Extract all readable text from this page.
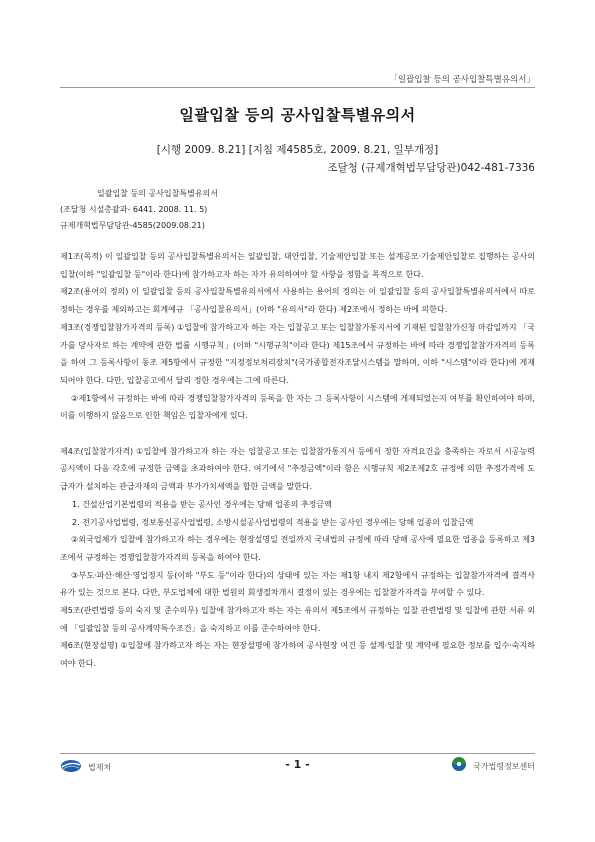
「일괄입찰 등의 공사입찰특별유의서」
일괄입찰 등의 공사입찰특별유의서
[시행 2009. 8.21] [지침 제4585호, 2009. 8.21, 일부개정]
조달청 (규제개혁법무담당관)042-481-7336
일괄입찰 등의 공사입찰특별유의서
(조달청 시설총괄과- 6441. 2008. 11. 5)
규제개혁법무담당관-4585(2009.08.21)

제1조(목적) 이 일괄입찰 등의 공사입찰특별유의서는 일괄입찰, 대안입찰, 기술제안입찰 또는 설계공모·기술제안입찰로 집행하는 공사의 입찰(이하 "일괄입찰 등"이라 한다)에 참가하고자 하는 자가 유의하여야 할 사항을 정함을 목적으로 한다.

제2조(용어의 정의) 이 일괄입찰 등의 공사입찰특별유의서에서 사용하는 용어의 정의는 이 일괄입찰 등의 공사입찰특별유의서에서 따로 정하는 경우를 제외하고는 회계예규 「공사입찰유의서」(이하 "유의서"라 한다) 제2조에서 정하는 바에 의한다.

제3조(경쟁입찰참가자격의 등록) ①입찰에 참가하고자 하는 자는 입찰공고 또는 입찰참가통지서에 기재된 입찰참가신청 마감일까지 「국가를 당사자로 하는 계약에 관한 법률 시행규칙」(이하 "시행규칙"이라 한다) 제15조에서 규정하는 바에 따라 경쟁입찰참가자격의 등록을 하여 그 등록사항이 동조 제5항에서 규정한 "지정정보처리장치"(국가종합전자조달시스템을 말하며, 이하 "시스템"이라 한다)에 게재되어야 한다. 다만, 입찰공고에서 달리 정한 경우에는 그에 따른다.

②제1항에서 규정하는 바에 따라 경쟁입찰참가자격의 등록을 한 자는 그 등록사항이 시스템에 게재되었는지 여부를 확인하여야 하며, 이를 이행하지 않음으로 인한 책임은 입찰자에게 있다.

제4조(입찰참가자격) ①입찰에 참가하고자 하는 자는 입찰공고 또는 입찰참가통지서 등에서 정한 자격요건을 충족하는 자로서 시공능력공시액이 다음 각호에 규정한 금액을 초과하여야 한다. 여기에서 "추정금액"이라 함은 시행규칙 제2조제2호 규정에 의한 추정가격에 도급자가 설치하는 관급자재의 금액과 부가가치세액을 합한 금액을 말한다.

1. 건설산업기본법령의 적용을 받는 공사인 경우에는 당해 업종의 추정금액

2. 전기공사업법령, 정보통신공사업법령, 소방시설공사업법령의 적용을 받는 공사인 경우에는 당해 업종의 입찰금액

②외국업체가 입찰에 참가하고자 하는 경우에는 현장설명일 전일까지 국내법의 규정에 따라 당해 공사에 필요한 업종을 등록하고 제3조에서 규정하는 경쟁입찰참가자격의 등록을 하여야 한다.

③부도·파산·해산·영업정지 등(이하 "부도 등"이라 한다)의 상태에 있는 자는 제1항 내지 제2항에서 규정하는 입찰참가자격에 결격사유가 있는 것으로 본다. 다만, 부도업체에 대한 법원의 회생절차개시 결정이 있는 경우에는 입찰참가자격을 부여할 수 있다.

제5조(관련법령 등의 숙지 및 준수의무) 입찰에 참가하고자 하는 자는 유의서 제5조에서 규정하는 입찰 관련법령 및 입찰에 관한 서류 외에 「일괄입찰 등의 공사계약특수조건」을 숙지하고 이를 준수하여야 한다.

제6조(현장설명) ①입찰에 참가하고자 하는 자는 현장설명에 참가하여 공사현장 여건 등 설계·입찰 및 계약에 필요한 정보를 입수·숙지하여야 한다.

법제처	- 1 -	국가법령정보센터
